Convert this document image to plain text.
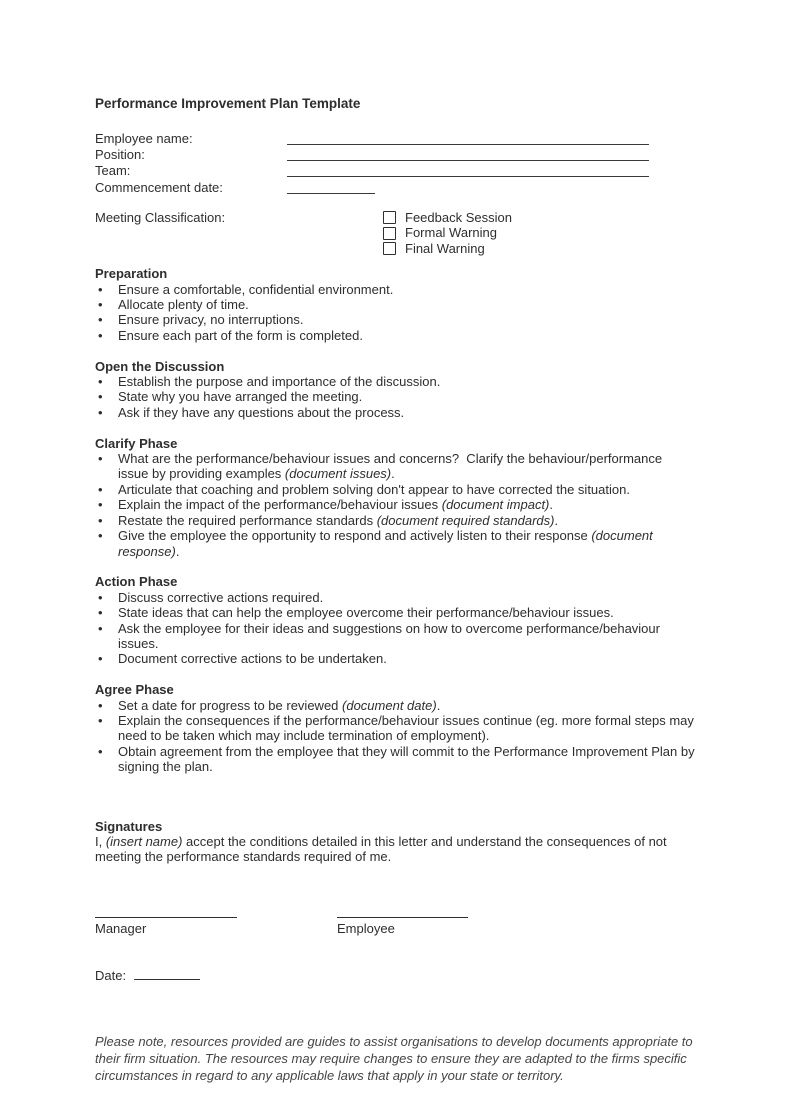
Performance Improvement Plan Template
Employee name:
Position:
Team:
Commencement date:
Meeting Classification:	Feedback Session
Formal Warning
Final Warning
Preparation
•	Ensure a comfortable, confidential environment.
•	Allocate plenty of time.
•	Ensure privacy, no interruptions.
•	Ensure each part of the form is completed.
Open the Discussion
•	Establish the purpose and importance of the discussion.
•	State why you have arranged the meeting.
•	Ask if they have any questions about the process.
Clarify Phase
•	What are the performance/behaviour issues and concerns?  Clarify the behaviour/performance issue by providing examples (document issues).
•	Articulate that coaching and problem solving don't appear to have corrected the situation.
•	Explain the impact of the performance/behaviour issues (document impact).
•	Restate the required performance standards (document required standards).
•	Give the employee the opportunity to respond and actively listen to their response (document response).
Action Phase
•	Discuss corrective actions required.
•	State ideas that can help the employee overcome their performance/behaviour issues.
•	Ask the employee for their ideas and suggestions on how to overcome performance/behaviour issues.
•	Document corrective actions to be undertaken.
Agree Phase
•	Set a date for progress to be reviewed (document date).
•	Explain the consequences if the performance/behaviour issues continue (eg. more formal steps may need to be taken which may include termination of employment).
•	Obtain agreement from the employee that they will commit to the Performance Improvement Plan by signing the plan.
Signatures

I, (insert name) accept the conditions detailed in this letter and understand the consequences of not meeting the performance standards required of me.

Manager	Employee
Date:

Please note, resources provided are guides to assist organisations to develop documents appropriate to their firm situation. The resources may require changes to ensure they are adapted to the firms specific circumstances in regard to any applicable laws that apply in your state or territory.
